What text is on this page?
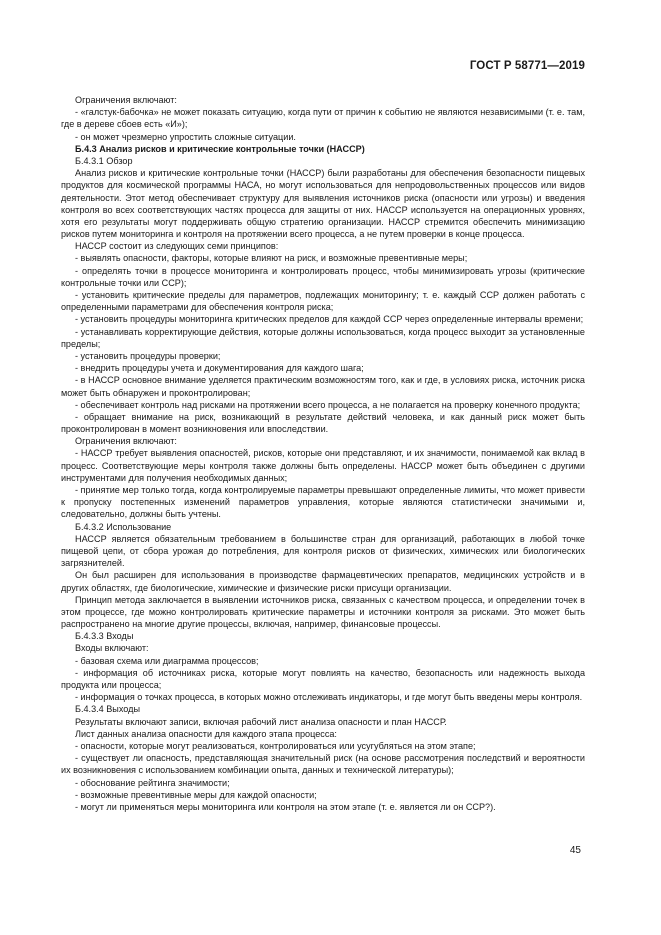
ГОСТ Р 58771—2019

Ограничения включают:

- «галстук-бабочка» не может показать ситуацию, когда пути от причин к событию не являются независимыми (т. е. там, где в дереве сбоев есть «И»);

- он может чрезмерно упростить сложные ситуации.

Б.4.3 Анализ рисков и критические контрольные точки (НАССР)

Б.4.3.1 Обзор

Анализ рисков и критические контрольные точки (НАССР) были разработаны для обеспечения безопасности пищевых продуктов для космической программы НАСА, но могут использоваться для непродовольственных процессов или видов деятельности. Этот метод обеспечивает структуру для выявления источников риска (опасности или угрозы) и введения контроля во всех соответствующих частях процесса для защиты от них. НАССР используется на операционных уровнях, хотя его результаты могут поддерживать общую стратегию организации. НАССР стремится обеспечить минимизацию рисков путем мониторинга и контроля на протяжении всего процесса, а не путем проверки в конце процесса.

НАССР состоит из следующих семи принципов:

- выявлять опасности, факторы, которые влияют на риск, и возможные превентивные меры;

- определять точки в процессе мониторинга и контролировать процесс, чтобы минимизировать угрозы (критические контрольные точки или ССР);

- установить критические пределы для параметров, подлежащих мониторингу; т. е. каждый ССР должен работать с определенными параметрами для обеспечения контроля риска;

- установить процедуры мониторинга критических пределов для каждой ССР через определенные интервалы времени;

- устанавливать корректирующие действия, которые должны использоваться, когда процесс выходит за установленные пределы;

- установить процедуры проверки;

- внедрить процедуры учета и документирования для каждого шага;

- в НАССР основное внимание уделяется практическим возможностям того, как и где, в условиях риска, источник риска может быть обнаружен и проконтролирован;

- обеспечивает контроль над рисками на протяжении всего процесса, а не полагается на проверку конечного продукта;

- обращает внимание на риск, возникающий в результате действий человека, и как данный риск может быть проконтролирован в момент возникновения или впоследствии.

Ограничения включают:

- НАССР требует выявления опасностей, рисков, которые они представляют, и их значимости, понимаемой как вклад в процесс. Соответствующие меры контроля также должны быть определены. НАССР может быть объединен с другими инструментами для получения необходимых данных;

- принятие мер только тогда, когда контролируемые параметры превышают определенные лимиты, что может привести к пропуску постепенных изменений параметров управления, которые являются статистически значимыми и, следовательно, должны быть учтены.

Б.4.3.2 Использование

НАССР является обязательным требованием в большинстве стран для организаций, работающих в любой точке пищевой цепи, от сбора урожая до потребления, для контроля рисков от физических, химических или биологических загрязнителей.

Он был расширен для использования в производстве фармацевтических препаратов, медицинских устройств и в других областях, где биологические, химические и физические риски присущи организации.

Принцип метода заключается в выявлении источников риска, связанных с качеством процесса, и определении точек в этом процессе, где можно контролировать критические параметры и источники контроля за рисками. Это может быть распространено на многие другие процессы, включая, например, финансовые процессы.

Б.4.3.3 Входы

Входы включают:

- базовая схема или диаграмма процессов;

- информация об источниках риска, которые могут повлиять на качество, безопасность или надежность выхода продукта или процесса;

- информация о точках процесса, в которых можно отслеживать индикаторы, и где могут быть введены меры контроля.

Б.4.3.4 Выходы

Результаты включают записи, включая рабочий лист анализа опасности и план НАССР.

Лист данных анализа опасности для каждого этапа процесса:

- опасности, которые могут реализоваться, контролироваться или усугубляться на этом этапе;

- существует ли опасность, представляющая значительный риск (на основе рассмотрения последствий и вероятности их возникновения с использованием комбинации опыта, данных и технической литературы);

- обоснование рейтинга значимости;

- возможные превентивные меры для каждой опасности;

- могут ли применяться меры мониторинга или контроля на этом этапе (т. е. является ли он ССР?).

45
